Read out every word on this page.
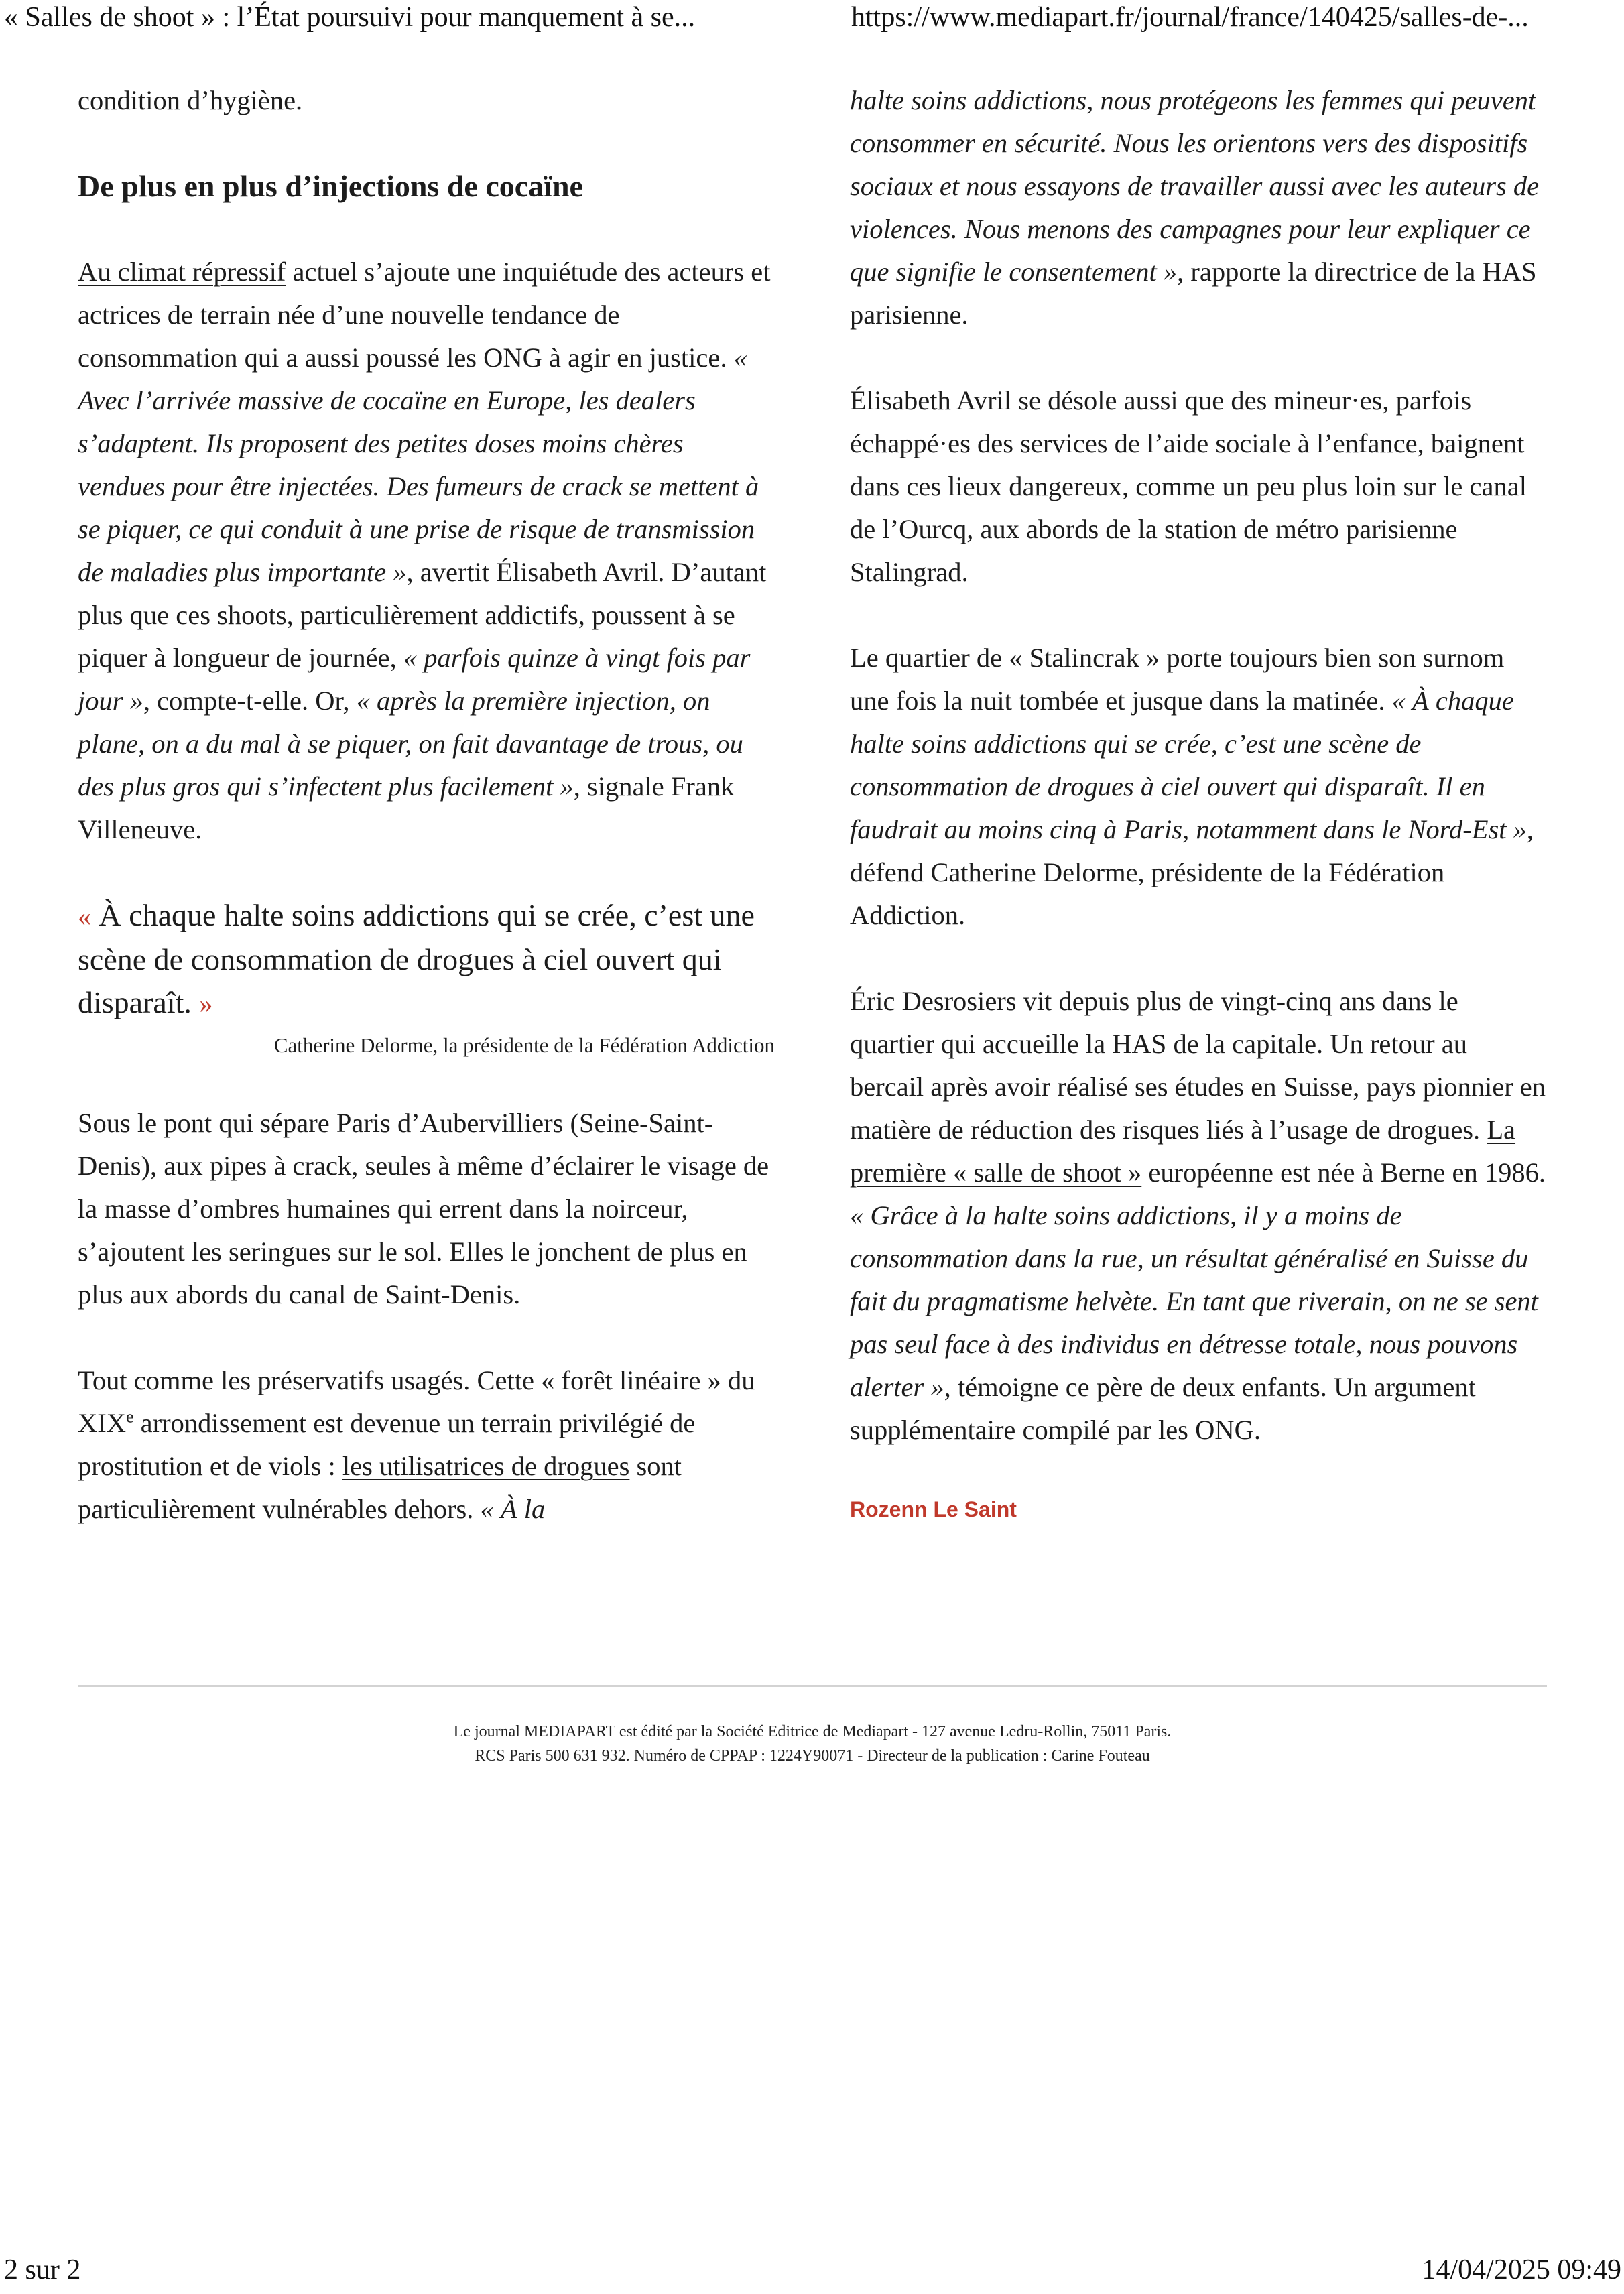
« Salles de shoot » : l’État poursuivi pour manquement à se...	https://www.mediapart.fr/journal/france/140425/salles-de-...

condition d’hygiène.

De plus en plus d’injections de cocaïne

Au climat répressif actuel s’ajoute une inquiétude des acteurs et actrices de terrain née d’une nouvelle tendance de consommation qui a aussi poussé les ONG à agir en justice. « Avec l’arrivée massive de cocaïne en Europe, les dealers s’adaptent. Ils proposent des petites doses moins chères vendues pour être injectées. Des fumeurs de crack se mettent à se piquer, ce qui conduit à une prise de risque de transmission de maladies plus importante », avertit Élisabeth Avril. D’autant plus que ces shoots, particulièrement addictifs, poussent à se piquer à longueur de journée, « parfois quinze à vingt fois par jour », compte-t-elle. Or, « après la première injection, on plane, on a du mal à se piquer, on fait davantage de trous, ou des plus gros qui s’infectent plus facilement », signale Frank Villeneuve.

« À chaque halte soins addictions qui se crée, c’est une scène de consommation de drogues à ciel ouvert qui disparaît. »
Catherine Delorme, la présidente de la Fédération Addiction

Sous le pont qui sépare Paris d’Aubervilliers (Seine-Saint-Denis), aux pipes à crack, seules à même d’éclairer le visage de la masse d’ombres humaines qui errent dans la noirceur, s’ajoutent les seringues sur le sol. Elles le jonchent de plus en plus aux abords du canal de Saint-Denis.

Tout comme les préservatifs usagés. Cette « forêt linéaire » du XIXe arrondissement est devenue un terrain privilégié de prostitution et de viols : les utilisatrices de drogues sont particulièrement vulnérables dehors. « À la

halte soins addictions, nous protégeons les femmes qui peuvent consommer en sécurité. Nous les orientons vers des dispositifs sociaux et nous essayons de travailler aussi avec les auteurs de violences. Nous menons des campagnes pour leur expliquer ce que signifie le consentement », rapporte la directrice de la HAS parisienne.

Élisabeth Avril se désole aussi que des mineur·es, parfois échappé·es des services de l’aide sociale à l’enfance, baignent dans ces lieux dangereux, comme un peu plus loin sur le canal de l’Ourcq, aux abords de la station de métro parisienne Stalingrad.

Le quartier de « Stalincrak » porte toujours bien son surnom une fois la nuit tombée et jusque dans la matinée. « À chaque halte soins addictions qui se crée, c’est une scène de consommation de drogues à ciel ouvert qui disparaît. Il en faudrait au moins cinq à Paris, notamment dans le Nord-Est », défend Catherine Delorme, présidente de la Fédération Addiction.

Éric Desrosiers vit depuis plus de vingt-cinq ans dans le quartier qui accueille la HAS de la capitale. Un retour au bercail après avoir réalisé ses études en Suisse, pays pionnier en matière de réduction des risques liés à l’usage de drogues. La première « salle de shoot » européenne est née à Berne en 1986. « Grâce à la halte soins addictions, il y a moins de consommation dans la rue, un résultat généralisé en Suisse du fait du pragmatisme helvète. En tant que riverain, on ne se sent pas seul face à des individus en détresse totale, nous pouvons alerter », témoigne ce père de deux enfants. Un argument supplémentaire compilé par les ONG.

Rozenn Le Saint
Le journal MEDIAPART est édité par la Société Editrice de Mediapart - 127 avenue Ledru-Rollin, 75011 Paris.
RCS Paris 500 631 932. Numéro de CPPAP : 1224Y90071 - Directeur de la publication : Carine Fouteau
2 sur 2	14/04/2025 09:49
